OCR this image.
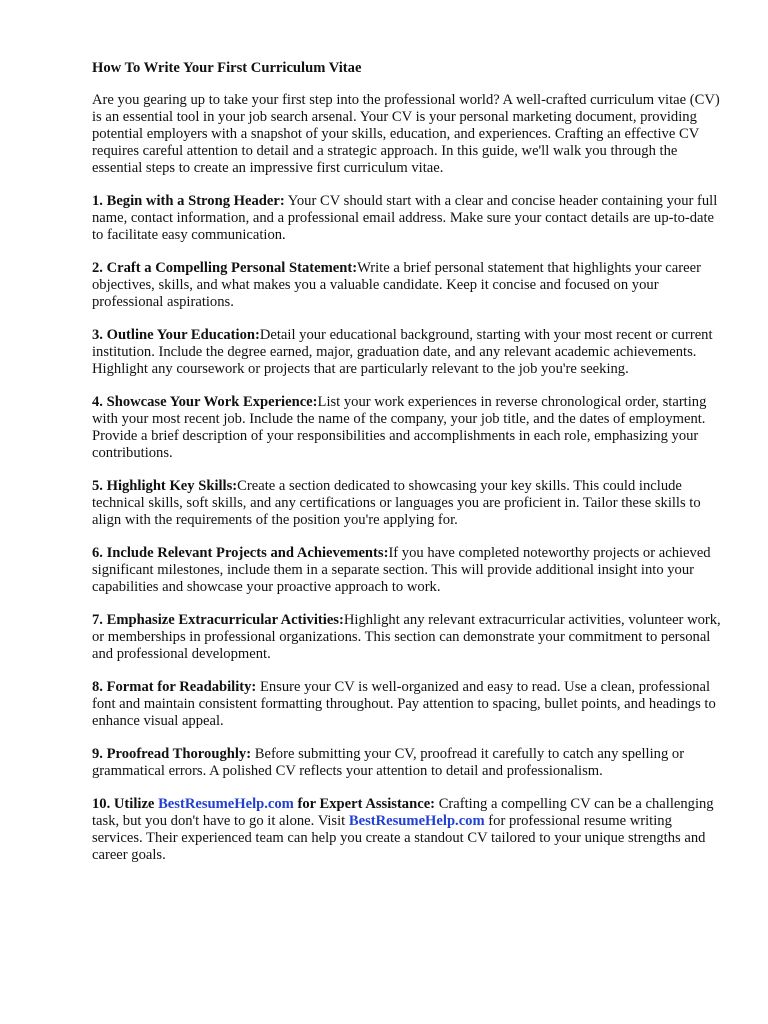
How To Write Your First Curriculum Vitae

Are you gearing up to take your first step into the professional world? A well-crafted curriculum vitae (CV) is an essential tool in your job search arsenal. Your CV is your personal marketing document, providing potential employers with a snapshot of your skills, education, and experiences. Crafting an effective CV requires careful attention to detail and a strategic approach. In this guide, we'll walk you through the essential steps to create an impressive first curriculum vitae.

1. Begin with a Strong Header: Your CV should start with a clear and concise header containing your full name, contact information, and a professional email address. Make sure your contact details are up-to-date to facilitate easy communication.

2. Craft a Compelling Personal Statement:Write a brief personal statement that highlights your career objectives, skills, and what makes you a valuable candidate. Keep it concise and focused on your professional aspirations.

3. Outline Your Education:Detail your educational background, starting with your most recent or current institution. Include the degree earned, major, graduation date, and any relevant academic achievements. Highlight any coursework or projects that are particularly relevant to the job you're seeking.

4. Showcase Your Work Experience:List your work experiences in reverse chronological order, starting with your most recent job. Include the name of the company, your job title, and the dates of employment. Provide a brief description of your responsibilities and accomplishments in each role, emphasizing your contributions.

5. Highlight Key Skills:Create a section dedicated to showcasing your key skills. This could include technical skills, soft skills, and any certifications or languages you are proficient in. Tailor these skills to align with the requirements of the position you're applying for.

6. Include Relevant Projects and Achievements:If you have completed noteworthy projects or achieved significant milestones, include them in a separate section. This will provide additional insight into your capabilities and showcase your proactive approach to work.

7. Emphasize Extracurricular Activities:Highlight any relevant extracurricular activities, volunteer work, or memberships in professional organizations. This section can demonstrate your commitment to personal and professional development.

8. Format for Readability: Ensure your CV is well-organized and easy to read. Use a clean, professional font and maintain consistent formatting throughout. Pay attention to spacing, bullet points, and headings to enhance visual appeal.

9. Proofread Thoroughly: Before submitting your CV, proofread it carefully to catch any spelling or grammatical errors. A polished CV reflects your attention to detail and professionalism.

10. Utilize BestResumeHelp.com for Expert Assistance: Crafting a compelling CV can be a challenging task, but you don't have to go it alone. Visit BestResumeHelp.com for professional resume writing services. Their experienced team can help you create a standout CV tailored to your unique strengths and career goals.
